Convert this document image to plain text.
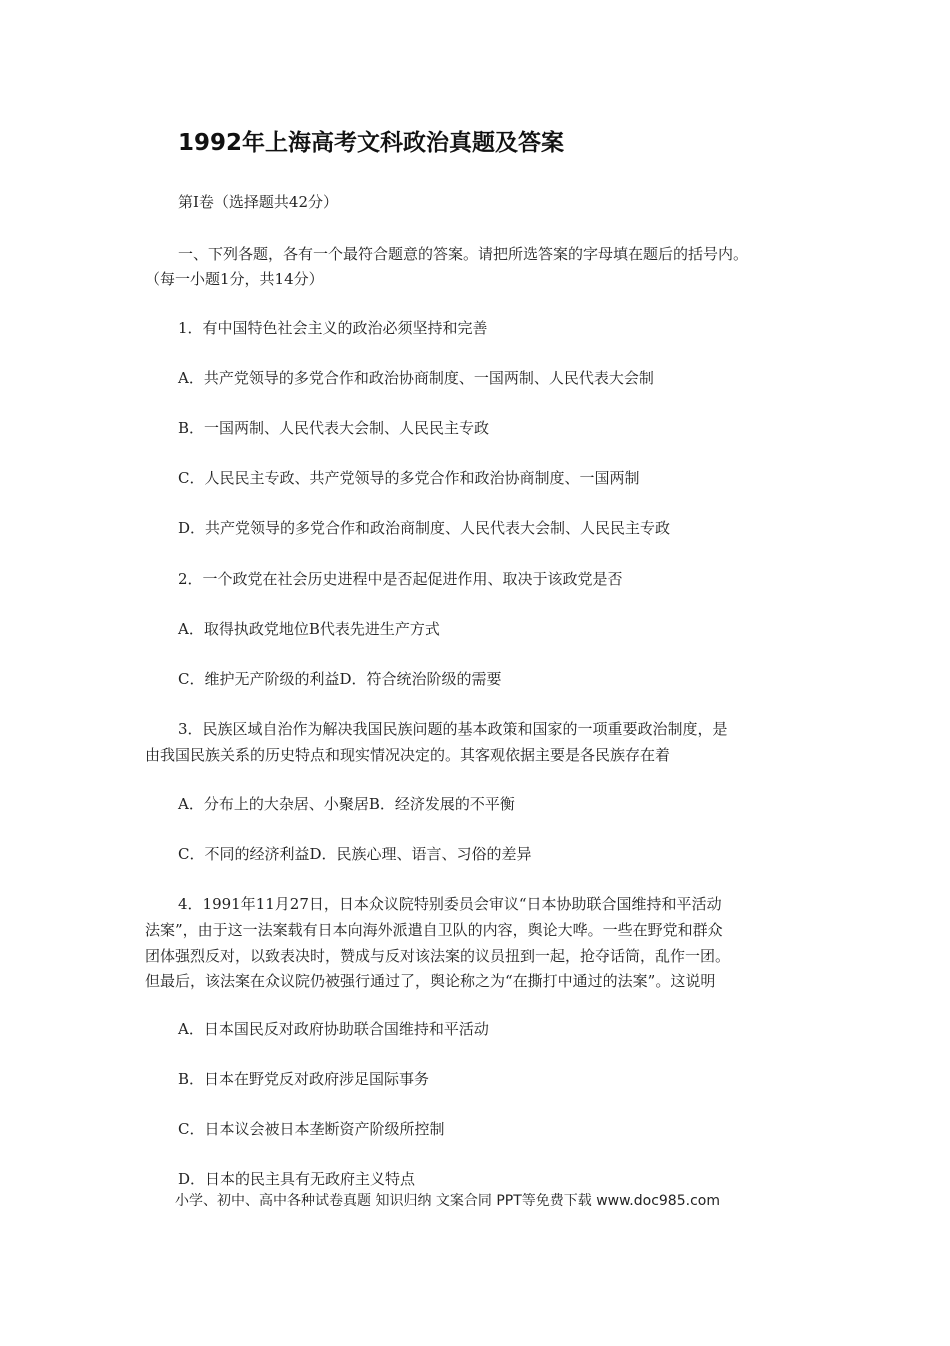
1992年上海高考文科政治真题及答案
第I卷（选择题共42分）
一、下列各题，各有一个最符合题意的答案。请把所选答案的字母填在题后的括号内。
（每一小题1分，共14分）
1．有中国特色社会主义的政治必须坚持和完善
A．共产党领导的多党合作和政治协商制度、一国两制、人民代表大会制
B．一国两制、人民代表大会制、人民民主专政
C．人民民主专政、共产党领导的多党合作和政治协商制度、一国两制
D．共产党领导的多党合作和政治商制度、人民代表大会制、人民民主专政
2．一个政党在社会历史进程中是否起促进作用、取决于该政党是否
A．取得执政党地位B代表先进生产方式
C．维护无产阶级的利益D．符合统治阶级的需要
3．民族区域自治作为解决我国民族问题的基本政策和国家的一项重要政治制度，是
由我国民族关系的历史特点和现实情况决定的。其客观依据主要是各民族存在着
A．分布上的大杂居、小聚居B．经济发展的不平衡
C．不同的经济利益D．民族心理、语言、习俗的差异
4．1991年11月27日，日本众议院特别委员会审议“日本协助联合国维持和平活动
法案”，由于这一法案载有日本向海外派遣自卫队的内容，舆论大哗。一些在野党和群众
团体强烈反对，以致表决时，赞成与反对该法案的议员扭到一起，抢夺话筒，乱作一团。
但最后，该法案在众议院仍被强行通过了，舆论称之为“在撕打中通过的法案”。这说明
A．日本国民反对政府协助联合国维持和平活动
B．日本在野党反对政府涉足国际事务
C．日本议会被日本垄断资产阶级所控制
D．日本的民主具有无政府主义特点
小学、初中、高中各种试卷真题 知识归纳 文案合同 PPT等免费下载 www.doc985.com
